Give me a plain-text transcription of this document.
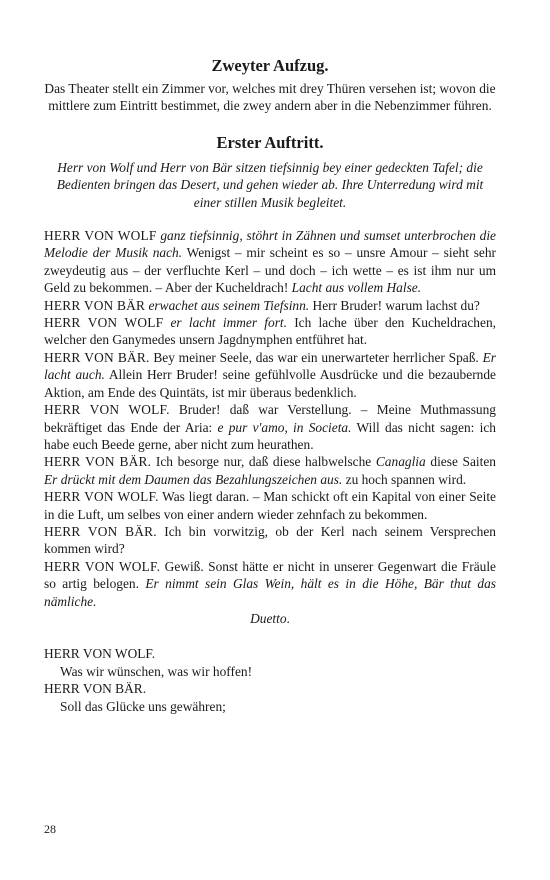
Zweyter Aufzug.

Das Theater stellt ein Zimmer vor, welches mit drey Thüren versehen ist; wovon die mittlere zum Eintritt bestimmet, die zwey andern aber in die Nebenzimmer führen.

Erster Auftritt.

Herr von Wolf und Herr von Bär sitzen tiefsinnig bey einer gedeckten Tafel; die Bedienten bringen das Desert, und gehen wieder ab. Ihre Unterredung wird mit einer stillen Musik begleitet.

HERR VON WOLF ganz tiefsinnig, stöhrt in Zähnen und sumset unterbrochen die Melodie der Musik nach. Wenigst – mir scheint es so – unsre Amour – sieht sehr zweydeutig aus – der verfluchte Kerl – und doch – ich wette – es ist ihm nur um Geld zu bekommen. – Aber der Kucheldrach! Lacht aus vollem Halse.

HERR VON BÄR erwachet aus seinem Tiefsinn. Herr Bruder! warum lachst du?

HERR VON WOLF er lacht immer fort. Ich lache über den Kucheldrachen, welcher den Ganymedes unsern Jagdnymphen entführet hat.

HERR VON BÄR. Bey meiner Seele, das war ein unerwarteter herrlicher Spaß. Er lacht auch. Allein Herr Bruder! seine gefühlvolle Ausdrücke und die bezaubernde Aktion, am Ende des Quintäts, ist mir überaus bedenklich.

HERR VON WOLF. Bruder! daß war Verstellung. – Meine Muthmassung bekräftiget das Ende der Aria: e pur v'amo, in Societa. Will das nicht sagen: ich habe euch Beede gerne, aber nicht zum heurathen.

HERR VON BÄR. Ich besorge nur, daß diese halbwelsche Canaglia diese Saiten Er drückt mit dem Daumen das Bezahlungszeichen aus. zu hoch spannen wird.

HERR VON WOLF. Was liegt daran. – Man schickt oft ein Kapital von einer Seite in die Luft, um selbes von einer andern wieder zehnfach zu bekommen.

HERR VON BÄR. Ich bin vorwitzig, ob der Kerl nach seinem Versprechen kommen wird?

HERR VON WOLF. Gewiß. Sonst hätte er nicht in unserer Gegenwart die Fräule so artig belogen. Er nimmt sein Glas Wein, hält es in die Höhe, Bär thut das nämliche.

Duetto.

HERR VON WOLF.

Was wir wünschen, was wir hoffen!

HERR VON BÄR.

Soll das Glücke uns gewähren;

28
